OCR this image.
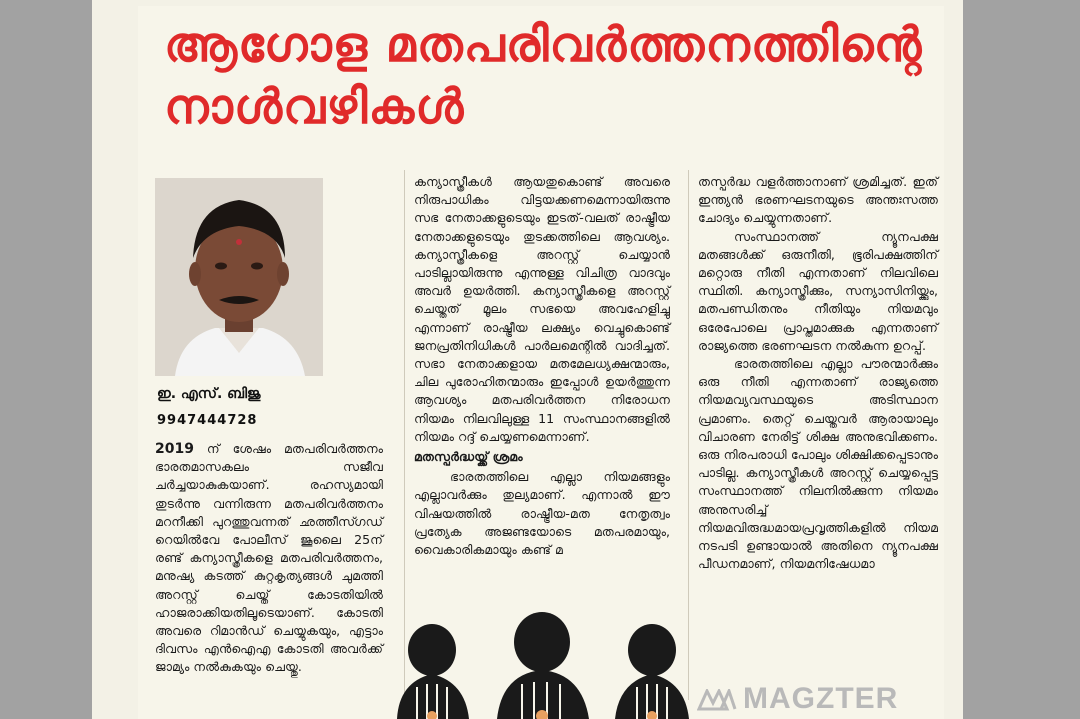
ആഗോള മതപരിവർത്തനത്തിന്റെ
നാൾവഴികൾ
ഇ. എസ്. ബിജു
9947444728

2019 ന് ശേഷം മതപരിവർത്തനം ഭാരതമാസകലം സജീവ ചർച്ചയാകുകയാണ്. രഹസ്യമായി തുടർന്നു വന്നിരുന്ന മതപരിവർത്തനം മറനീക്കി പുറത്തുവന്നത് ഛത്തീസ്ഗഡ് റെയിൽവേ പോലീസ് ജൂലൈ 25ന് രണ്ട് കന്യാസ്ത്രീകളെ മതപരിവർത്തനം, മനുഷ്യ കടത്ത് കുറ്റകൃത്യങ്ങൾ ചുമത്തി അറസ്റ്റ് ചെയ്ത് കോടതിയിൽ ഹാജരാക്കിയതിലൂടെയാണ്. കോടതി അവരെ റിമാൻഡ് ചെയ്യുകയും, എട്ടാം ദിവസം എൻഐഎ കോടതി അവർക്ക് ജാമ്യം നൽകുകയും ചെയ്തു.

കന്യാസ്ത്രീകൾ ആയതുകൊണ്ട് അവരെ നിരുപാധികം വിട്ടയക്കണമെന്നായിരുന്നു സഭ നേതാക്കളുടെയും ഇടത്-വലത് രാഷ്ട്രീയ നേതാക്കളുടെയും തുടക്കത്തിലെ ആവശ്യം. കന്യാസ്ത്രീകളെ അറസ്റ്റ് ചെയ്യാൻ പാടില്ലായിരുന്നു എന്നുള്ള വിചിത്ര വാദവും അവർ ഉയർത്തി. കന്യാസ്ത്രീകളെ അറസ്റ്റ് ചെയ്തത് മൂലം സഭയെ അവഹേളിച്ചു എന്നാണ് രാഷ്ട്രീയ ലക്ഷ്യം വെച്ചുകൊണ്ട് ജനപ്രതിനിധികൾ പാർലമെന്റിൽ വാദിച്ചത്. സഭാ നേതാക്കളായ മതമേലധ്യക്ഷന്മാരും, ചില പുരോഹിതന്മാരും ഇപ്പോൾ ഉയർത്തുന്ന ആവശ്യം മതപരിവർത്തന നിരോധന നിയമം നിലവിലുള്ള 11 സംസ്ഥാനങ്ങളിൽ നിയമം റദ്ദ് ചെയ്യണമെന്നാണ്.

മതസ്പർദ്ധയ്ക്ക് ശ്രമം

ഭാരതത്തിലെ എല്ലാ നിയമങ്ങളും എല്ലാവർക്കും തുല്യമാണ്. എന്നാൽ ഈ വിഷയത്തിൽ രാഷ്ട്രീയ-മത നേതൃത്വം പ്രത്യേക അജണ്ടയോടെ മതപരമായും, വൈകാരികമായും കണ്ട് മ

തസ്പർദ്ധ വളർത്താനാണ് ശ്രമിച്ചത്. ഇത് ഇന്ത്യൻ ഭരണഘടനയുടെ അന്തഃസത്ത ചോദ്യം ചെയ്യുന്നതാണ്.

സംസ്ഥാനത്ത് ന്യൂനപക്ഷ മതങ്ങൾക്ക് ഒരുനീതി, ഭൂരിപക്ഷത്തിന് മറ്റൊരു നീതി എന്നതാണ് നിലവിലെ സ്ഥിതി. കന്യാസ്ത്രീക്കും, സന്യാസിനിയ്ക്കും, മതപണ്ഡിതനും നീതിയും നിയമവും ഒരേപോലെ പ്രാപ്തമാക്കുക എന്നതാണ് രാജ്യത്തെ ഭരണഘടന നൽകുന്ന ഉറപ്പ്.

ഭാരതത്തിലെ എല്ലാ പൗരന്മാർക്കും ഒരു നീതി എന്നതാണ് രാജ്യത്തെ നിയമവ്യവസ്ഥയുടെ അടിസ്ഥാന പ്രമാണം. തെറ്റ് ചെയ്തവർ ആരായാലും വിചാരണ നേരിട്ട് ശിക്ഷ അനുഭവിക്കണം. ഒരു നിരപരാധി പോലും ശിക്ഷിക്കപ്പെടാനും പാടില്ല. കന്യാസ്ത്രീകൾ അറസ്റ്റ് ചെയ്യപ്പെട്ട സംസ്ഥാനത്ത് നിലനിൽക്കുന്ന നിയമം അനുസരിച്ച് നിയമവിരുദ്ധമായപ്രവൃത്തികളിൽ നിയമ നടപടി ഉണ്ടായാൽ അതിനെ ന്യൂനപക്ഷ പീഡനമാണ്, നിയമനിഷേധമാ

MAGZTER
